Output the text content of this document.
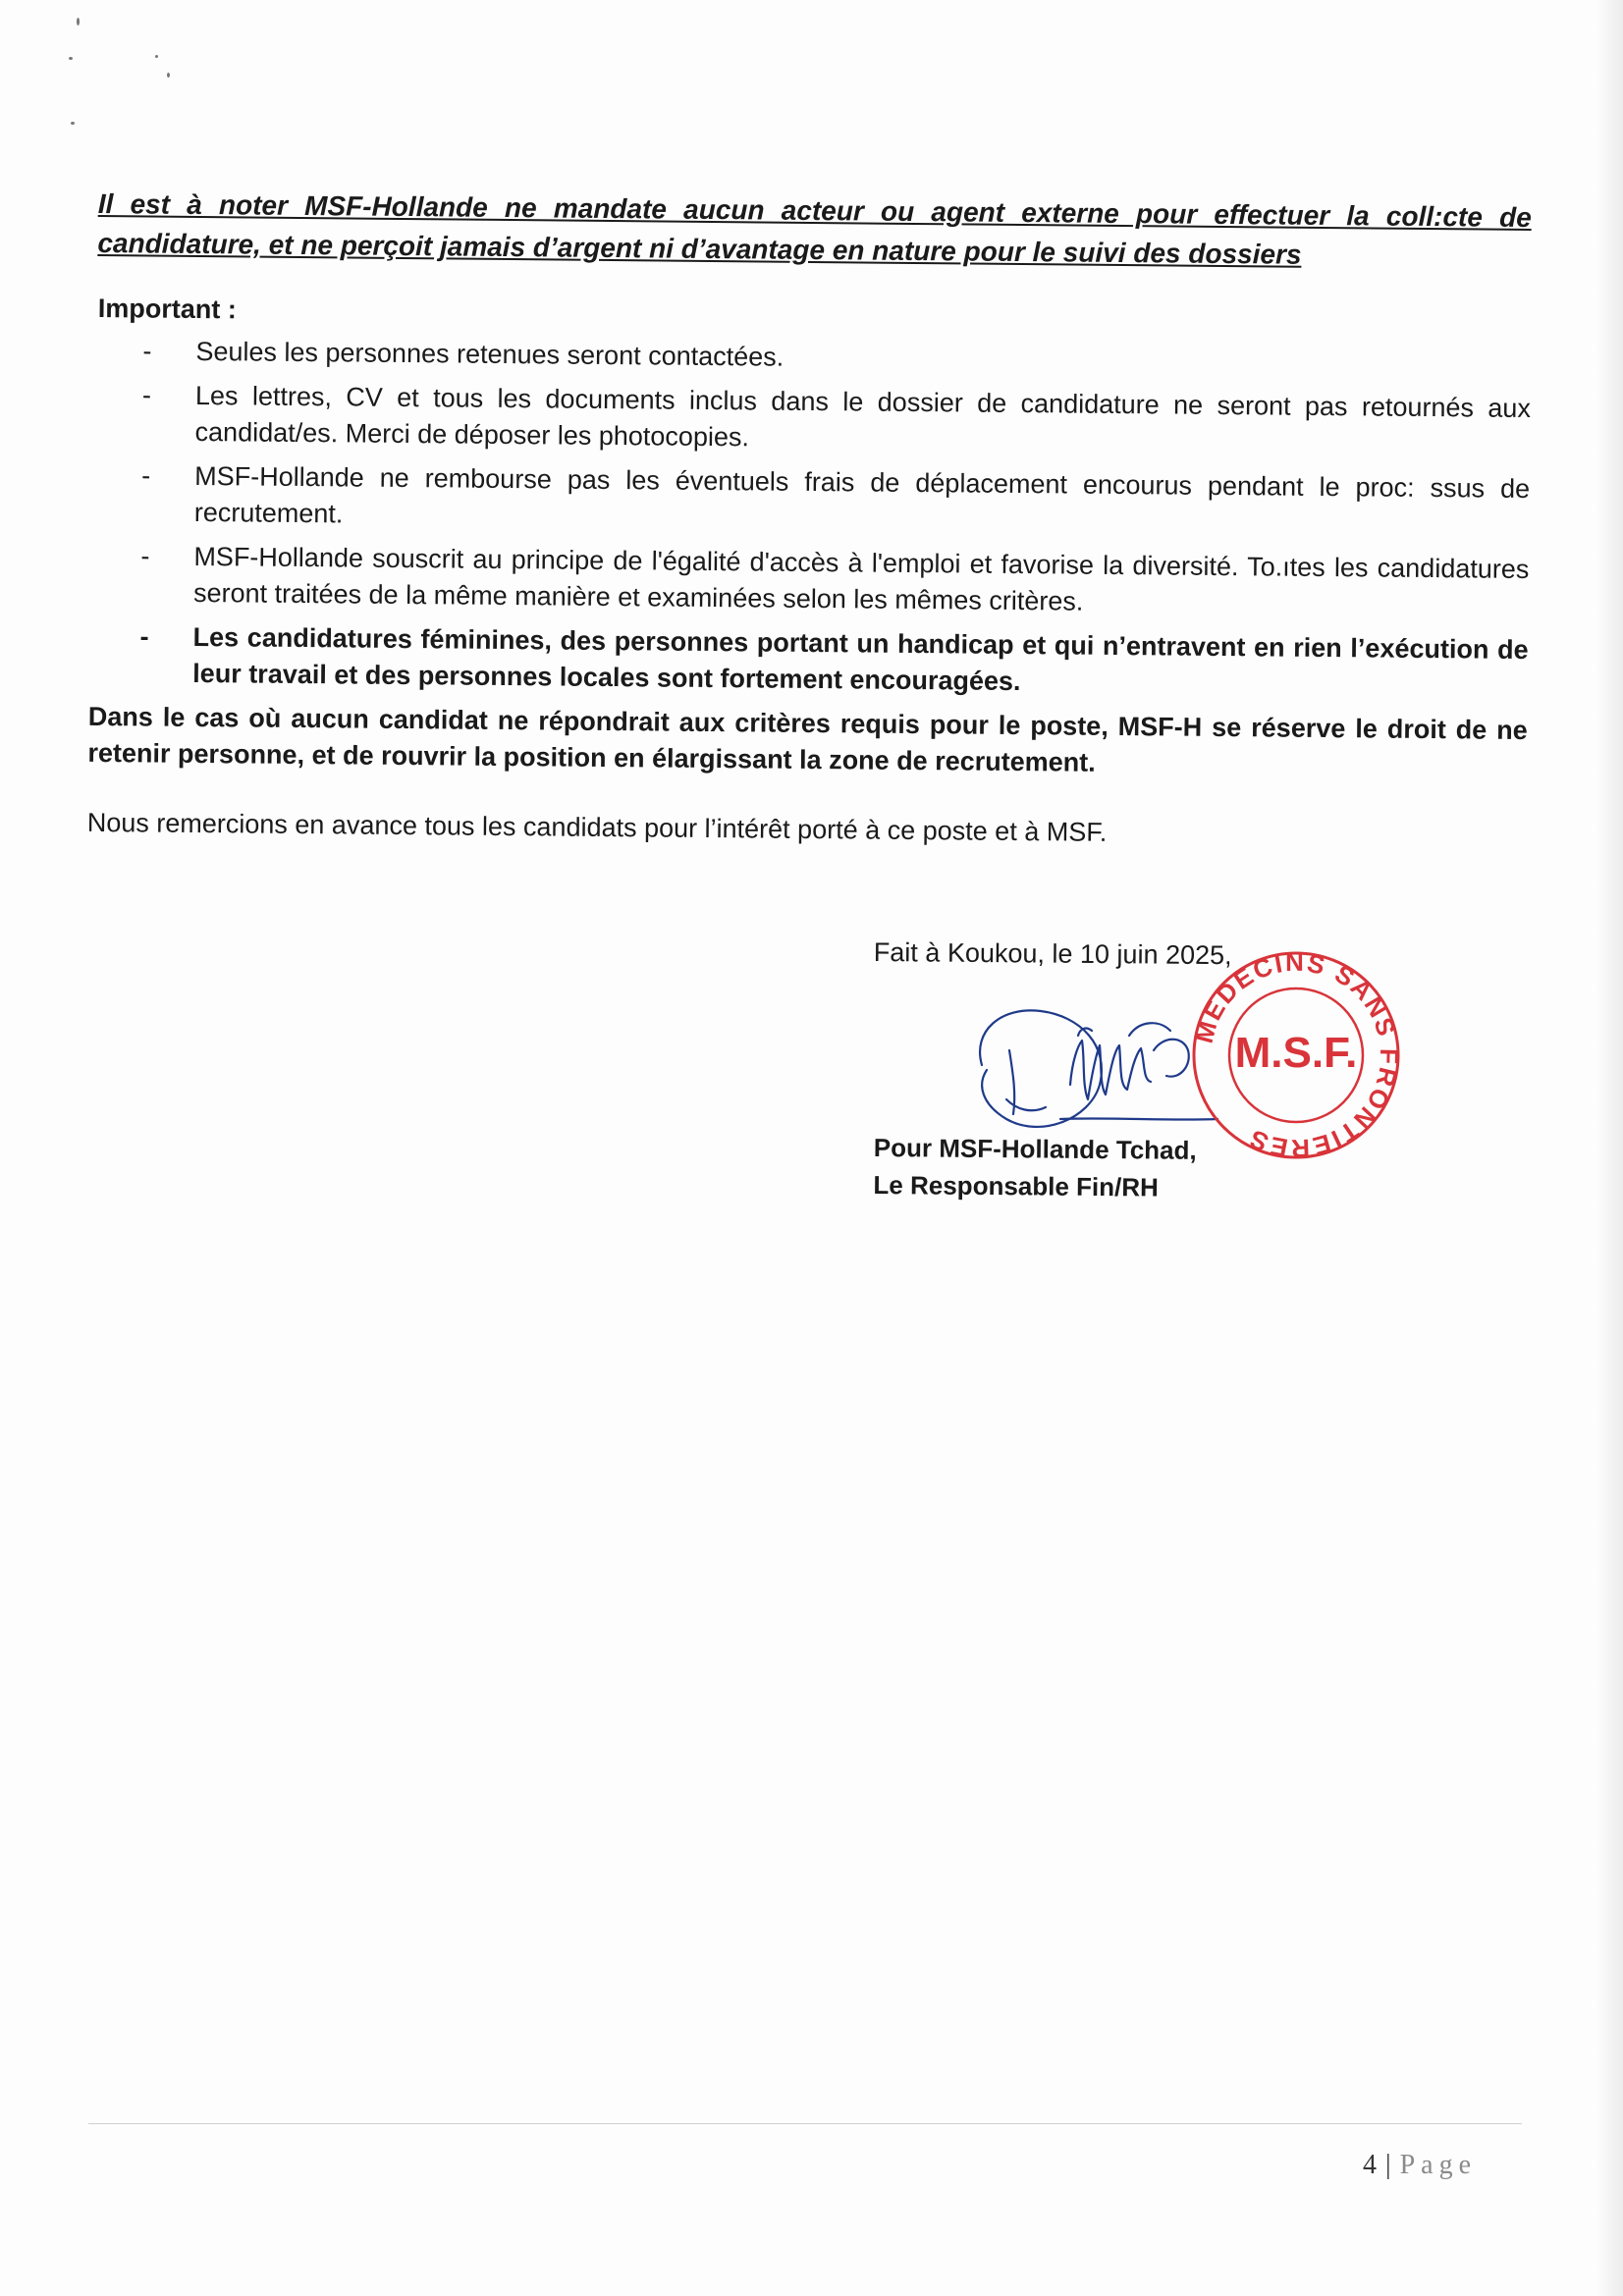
Il est à noter MSF-Hollande ne mandate aucun acteur ou agent externe pour effectuer la coll:cte de candidature, et ne perçoit jamais d’argent ni d’avantage en nature pour le suivi des dossiers
Important :
- Seules les personnes retenues seront contactées.
- Les lettres, CV et tous les documents inclus dans le dossier de candidature ne seront pas retournés aux candidat/es. Merci de déposer les photocopies.
- MSF-Hollande ne rembourse pas les éventuels frais de déplacement encourus pendant le proc: ssus de recrutement.
- MSF-Hollande souscrit au principe de l'égalité d'accès à l'emploi et favorise la diversité. To.ıtes les candidatures seront traitées de la même manière et examinées selon les mêmes critères.
- Les candidatures féminines, des personnes portant un handicap et qui n’entravent en rien l’exécution de leur travail et des personnes locales sont fortement encouragées.
Dans le cas où aucun candidat ne répondrait aux critères requis pour le poste, MSF-H se réserve le droit de ne retenir personne, et de rouvrir la position en élargissant la zone de recrutement.
Nous remercions en avance tous les candidats pour l’intérêt porté à ce poste et à MSF.
Fait à Koukou, le 10 juin 2025,
MEDECINS SANS FRONTIERES
M.S.F.
Pour MSF-Hollande Tchad,
Le Responsable Fin/RH
4 | Page
